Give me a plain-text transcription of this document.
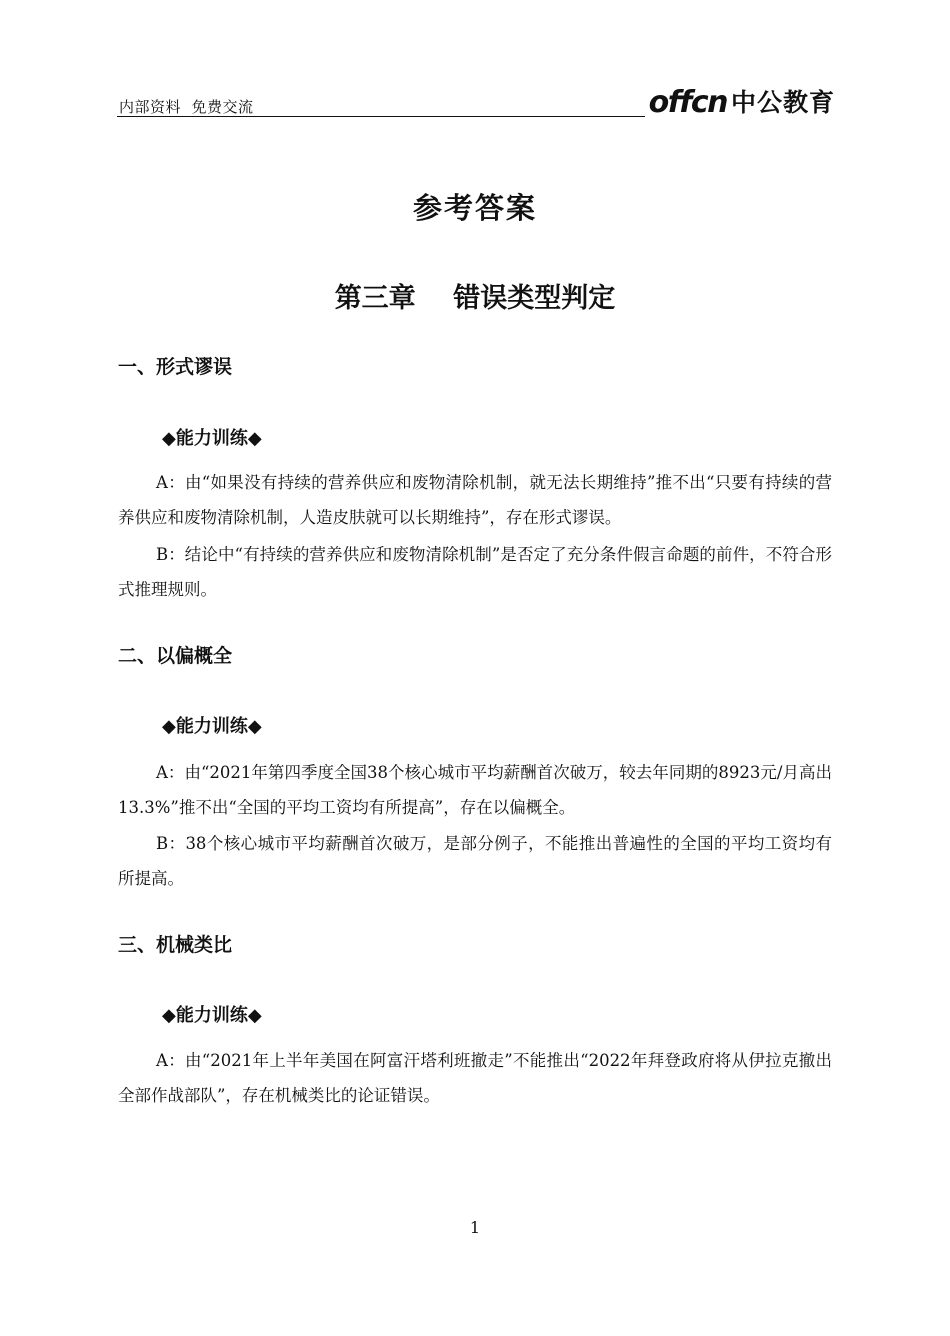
内部资料  免费交流	offcn 中公教育
参考答案
第三章    错误类型判定
一、形式谬误
◆能力训练◆
A：由“如果没有持续的营养供应和废物清除机制，就无法长期维持”推不出“只要有持续的营养供应和废物清除机制，人造皮肤就可以长期维持”，存在形式谬误。
B：结论中“有持续的营养供应和废物清除机制”是否定了充分条件假言命题的前件，不符合形式推理规则。
二、以偏概全
◆能力训练◆
A：由“2021年第四季度全国38个核心城市平均薪酬首次破万，较去年同期的8923元/月高出13.3%”推不出“全国的平均工资均有所提高”，存在以偏概全。
B：38个核心城市平均薪酬首次破万，是部分例子，不能推出普遍性的全国的平均工资均有所提高。
三、机械类比
◆能力训练◆
A：由“2021年上半年美国在阿富汗塔利班撤走”不能推出“2022年拜登政府将从伊拉克撤出全部作战部队”，存在机械类比的论证错误。
1
